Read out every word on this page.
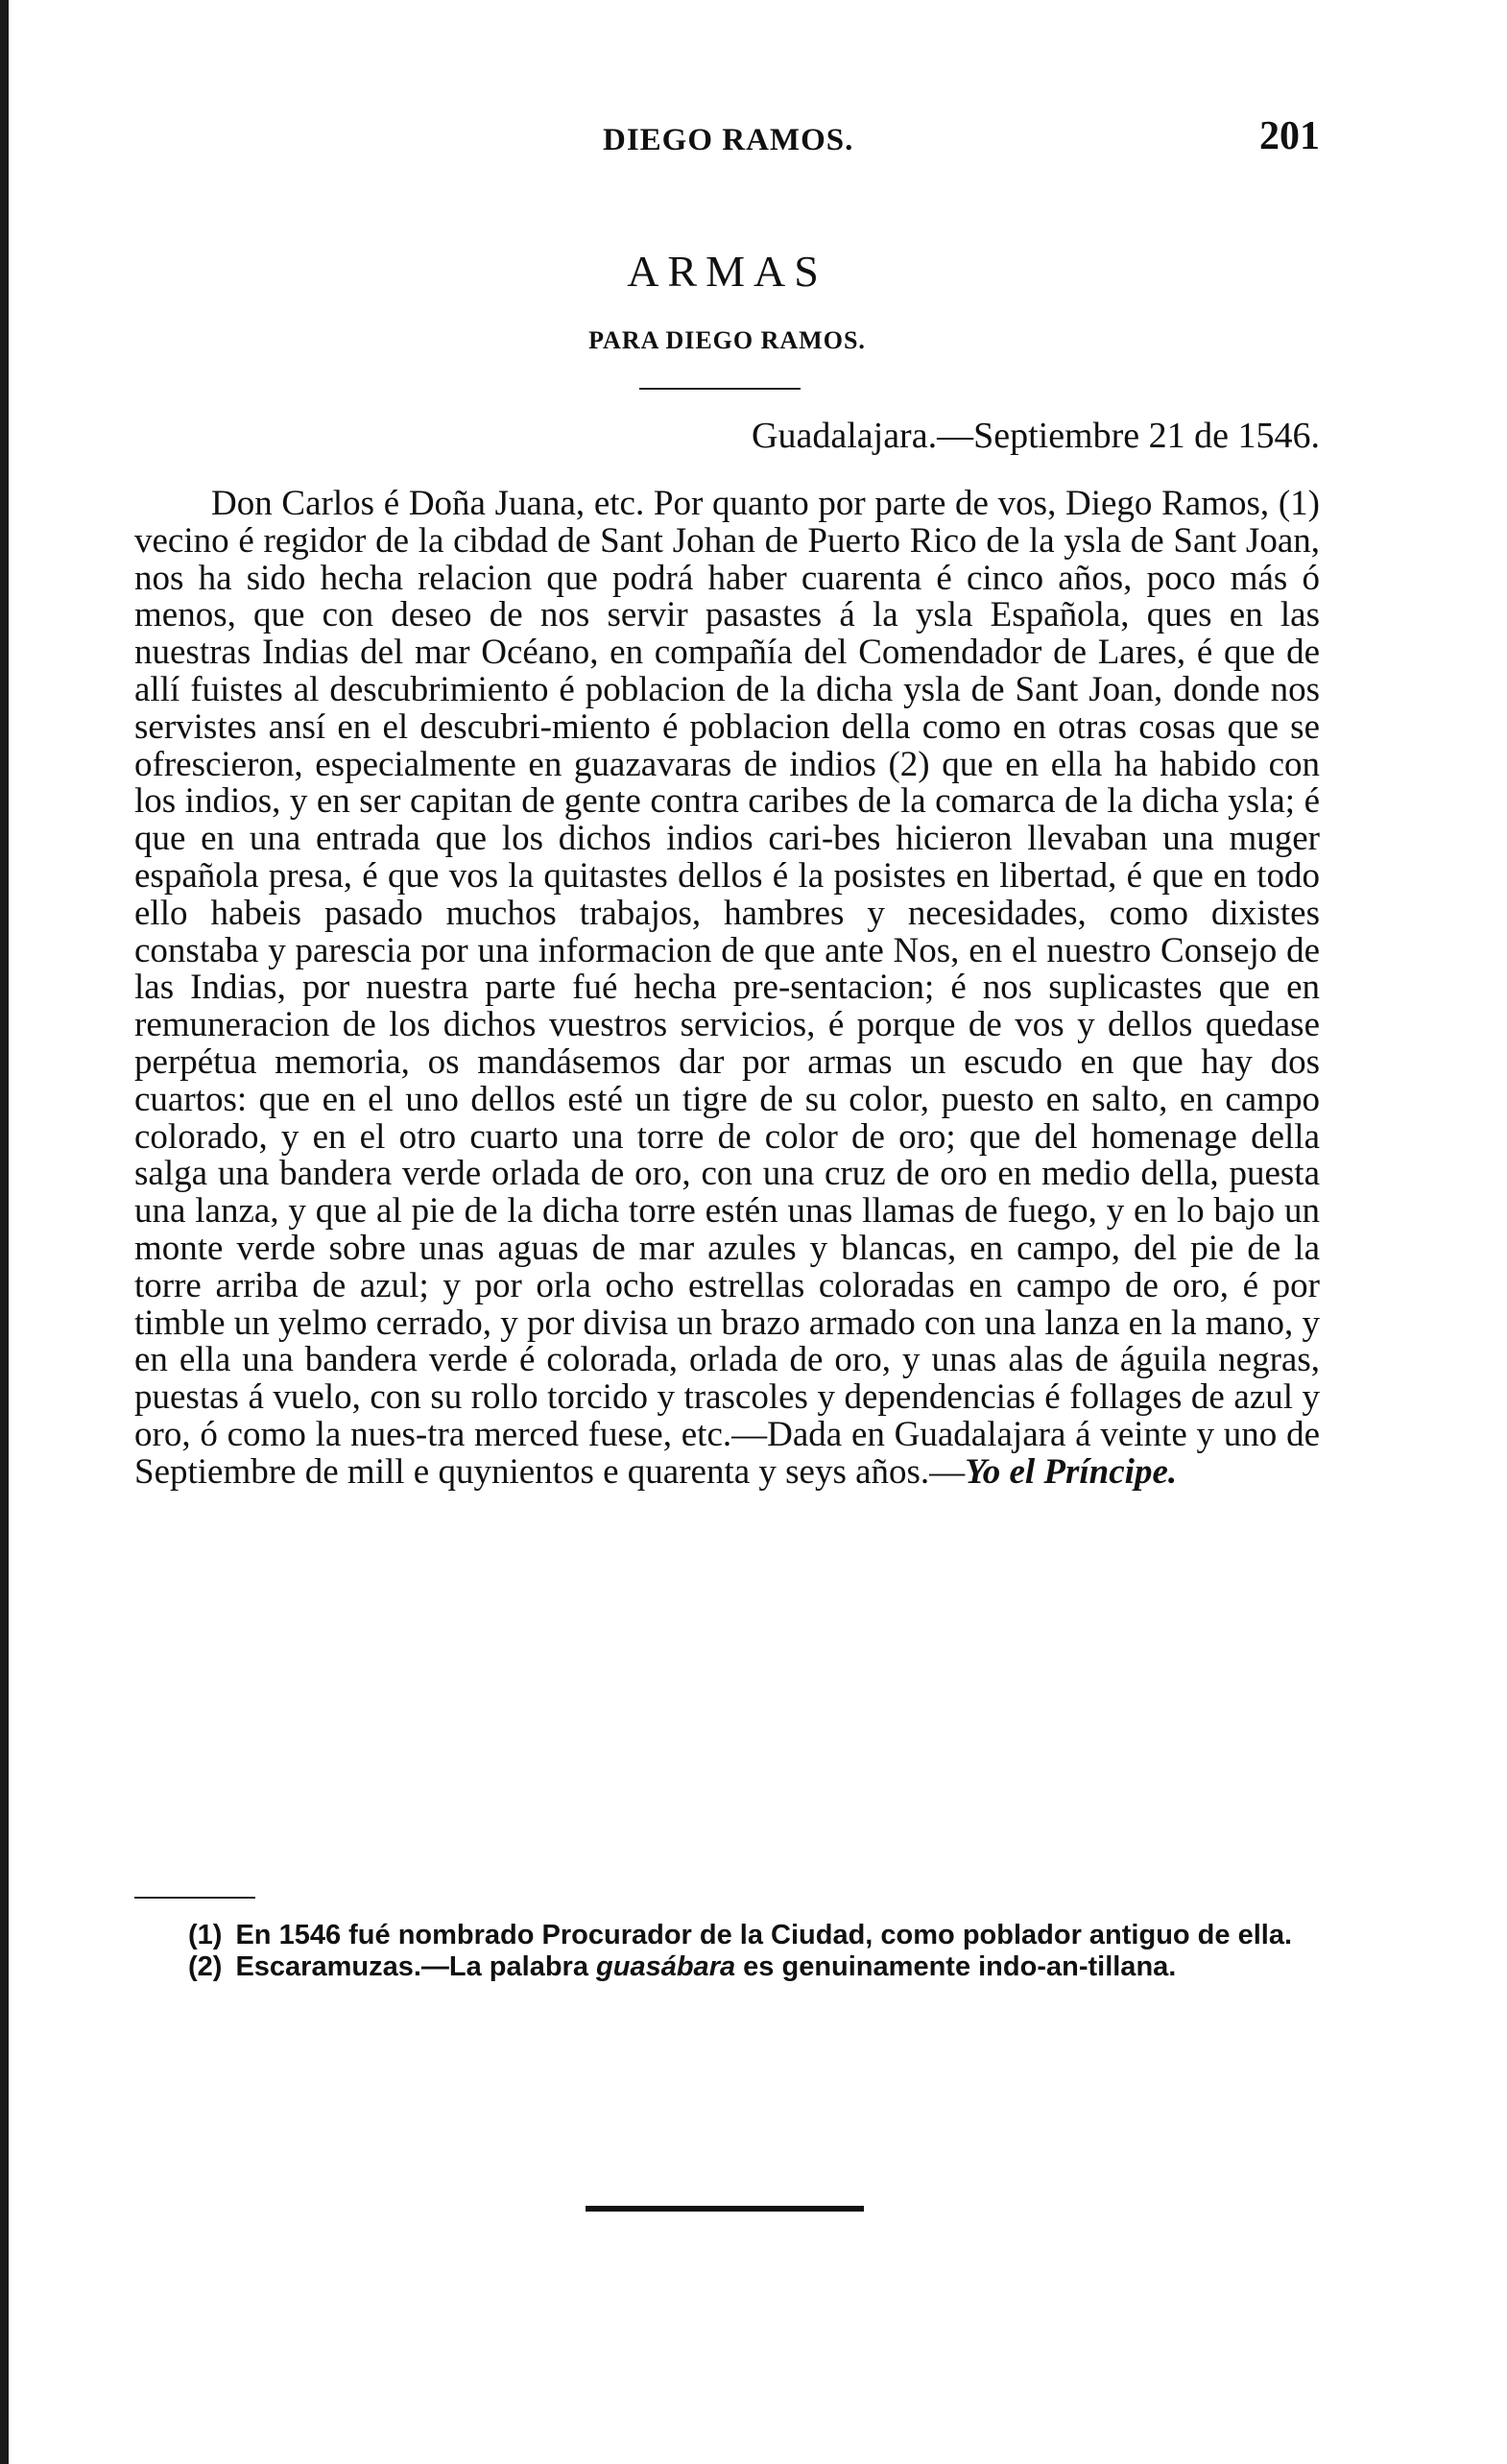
DIEGO RAMOS.	201
ARMAS
PARA DIEGO RAMOS.
Guadalajara.—Septiembre 21 de 1546.

Don Carlos é Doña Juana, etc. Por quanto por parte de vos, Diego Ramos, (1) vecino é regidor de la cibdad de Sant Johan de Puerto Rico de la ysla de Sant Joan, nos ha sido hecha relacion que podrá haber cuarenta é cinco años, poco más ó menos, que con deseo de nos servir pasastes á la ysla Española, ques en las nuestras Indias del mar Océano, en compañía del Comendador de Lares, é que de allí fuistes al descubrimiento é poblacion de la dicha ysla de Sant Joan, donde nos servistes ansí en el descubri-miento é poblacion della como en otras cosas que se ofrescieron, especialmente en guazavaras de indios (2) que en ella ha habido con los indios, y en ser capitan de gente contra caribes de la comarca de la dicha ysla; é que en una entrada que los dichos indios cari-bes hicieron llevaban una muger española presa, é que vos la quitastes dellos é la posistes en libertad, é que en todo ello habeis pasado muchos trabajos, hambres y necesidades, como dixistes constaba y parescia por una informacion de que ante Nos, en el nuestro Consejo de las Indias, por nuestra parte fué hecha pre-sentacion; é nos suplicastes que en remuneracion de los dichos vuestros servicios, é porque de vos y dellos quedase perpétua memoria, os mandásemos dar por armas un escudo en que hay dos cuartos: que en el uno dellos esté un tigre de su color, puesto en salto, en campo colorado, y en el otro cuarto una torre de color de oro; que del homenage della salga una bandera verde orlada de oro, con una cruz de oro en medio della, puesta una lanza, y que al pie de la dicha torre estén unas llamas de fuego, y en lo bajo un monte verde sobre unas aguas de mar azules y blancas, en campo, del pie de la torre arriba de azul; y por orla ocho estrellas coloradas en campo de oro, é por timble un yelmo cerrado, y por divisa un brazo armado con una lanza en la mano, y en ella una bandera verde é colorada, orlada de oro, y unas alas de águila negras, puestas á vuelo, con su rollo torcido y trascoles y dependencias é follages de azul y oro, ó como la nues-tra merced fuese, etc.—Dada en Guadalajara á veinte y uno de Septiembre de mill e quynientos e quarenta y seys años.—Yo el Príncipe.

(1) En 1546 fué nombrado Procurador de la Ciudad, como poblador antiguo de ella.

(2) Escaramuzas.—La palabra guasábara es genuinamente indo-an-tillana.
